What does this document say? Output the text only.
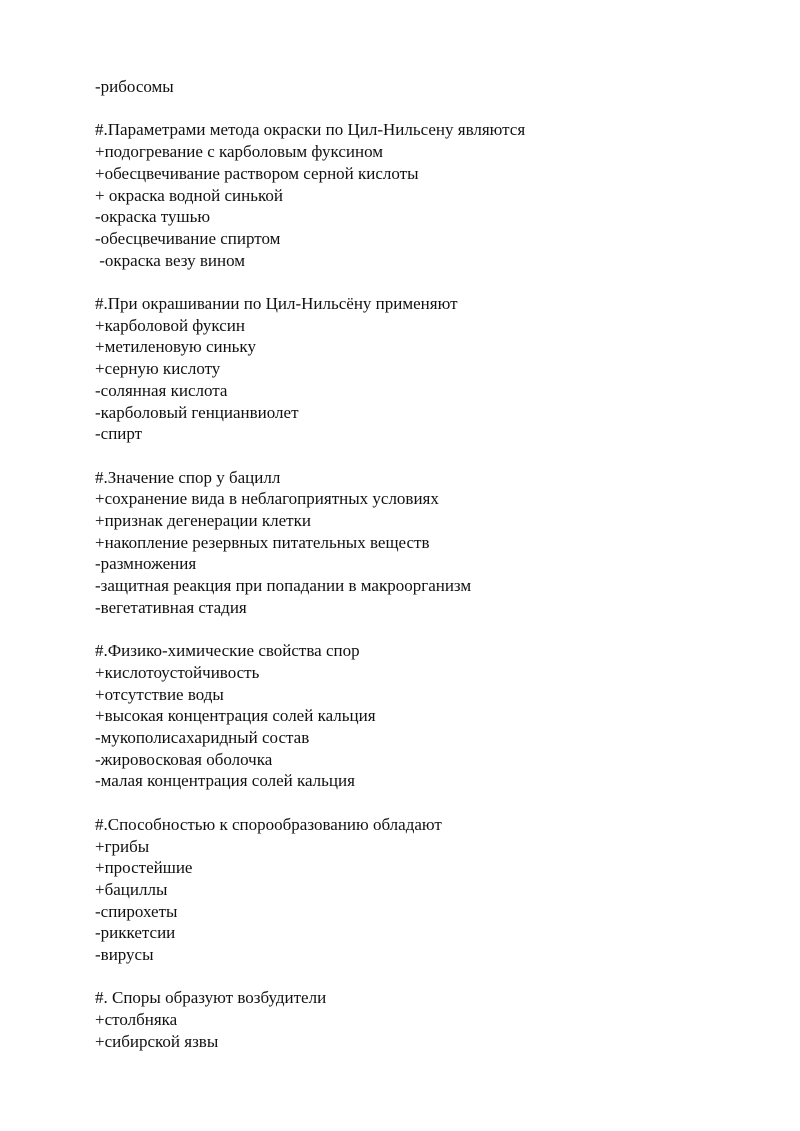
-рибосомы
#.Параметрами метода окраски по Цил-Нильсену являются
+подогревание с карболовым фуксином
+обесцвечивание раствором серной кислоты
+ окраска водной синькой
-окраска тушью
-обесцвечивание спиртом
-окраска везу вином
#.При окрашивании по Цил-Нильсёну применяют
+карболовой фуксин
+метиленовую синьку
+серную кислоту
-солянная кислота
-карболовый генцианвиолет
-спирт
#.Значение спор у бацилл
+сохранение вида в неблагоприятных условиях
+признак дегенерации клетки
+накопление резервных питательных веществ
-размножения
-защитная реакция при попадании в макроорганизм
-вегетативная стадия
#.Физико-химические свойства спор
+кислотоустойчивость
+отсутствие воды
+высокая концентрация солей кальция
-мукополисахаридный состав
-жировосковая оболочка
-малая концентрация солей кальция
#.Способностью к спорообразованию обладают
+грибы
+простейшие
+бациллы
-спирохеты
-риккетсии
-вирусы
#. Споры образуют возбудители
+столбняка
+сибирской язвы
